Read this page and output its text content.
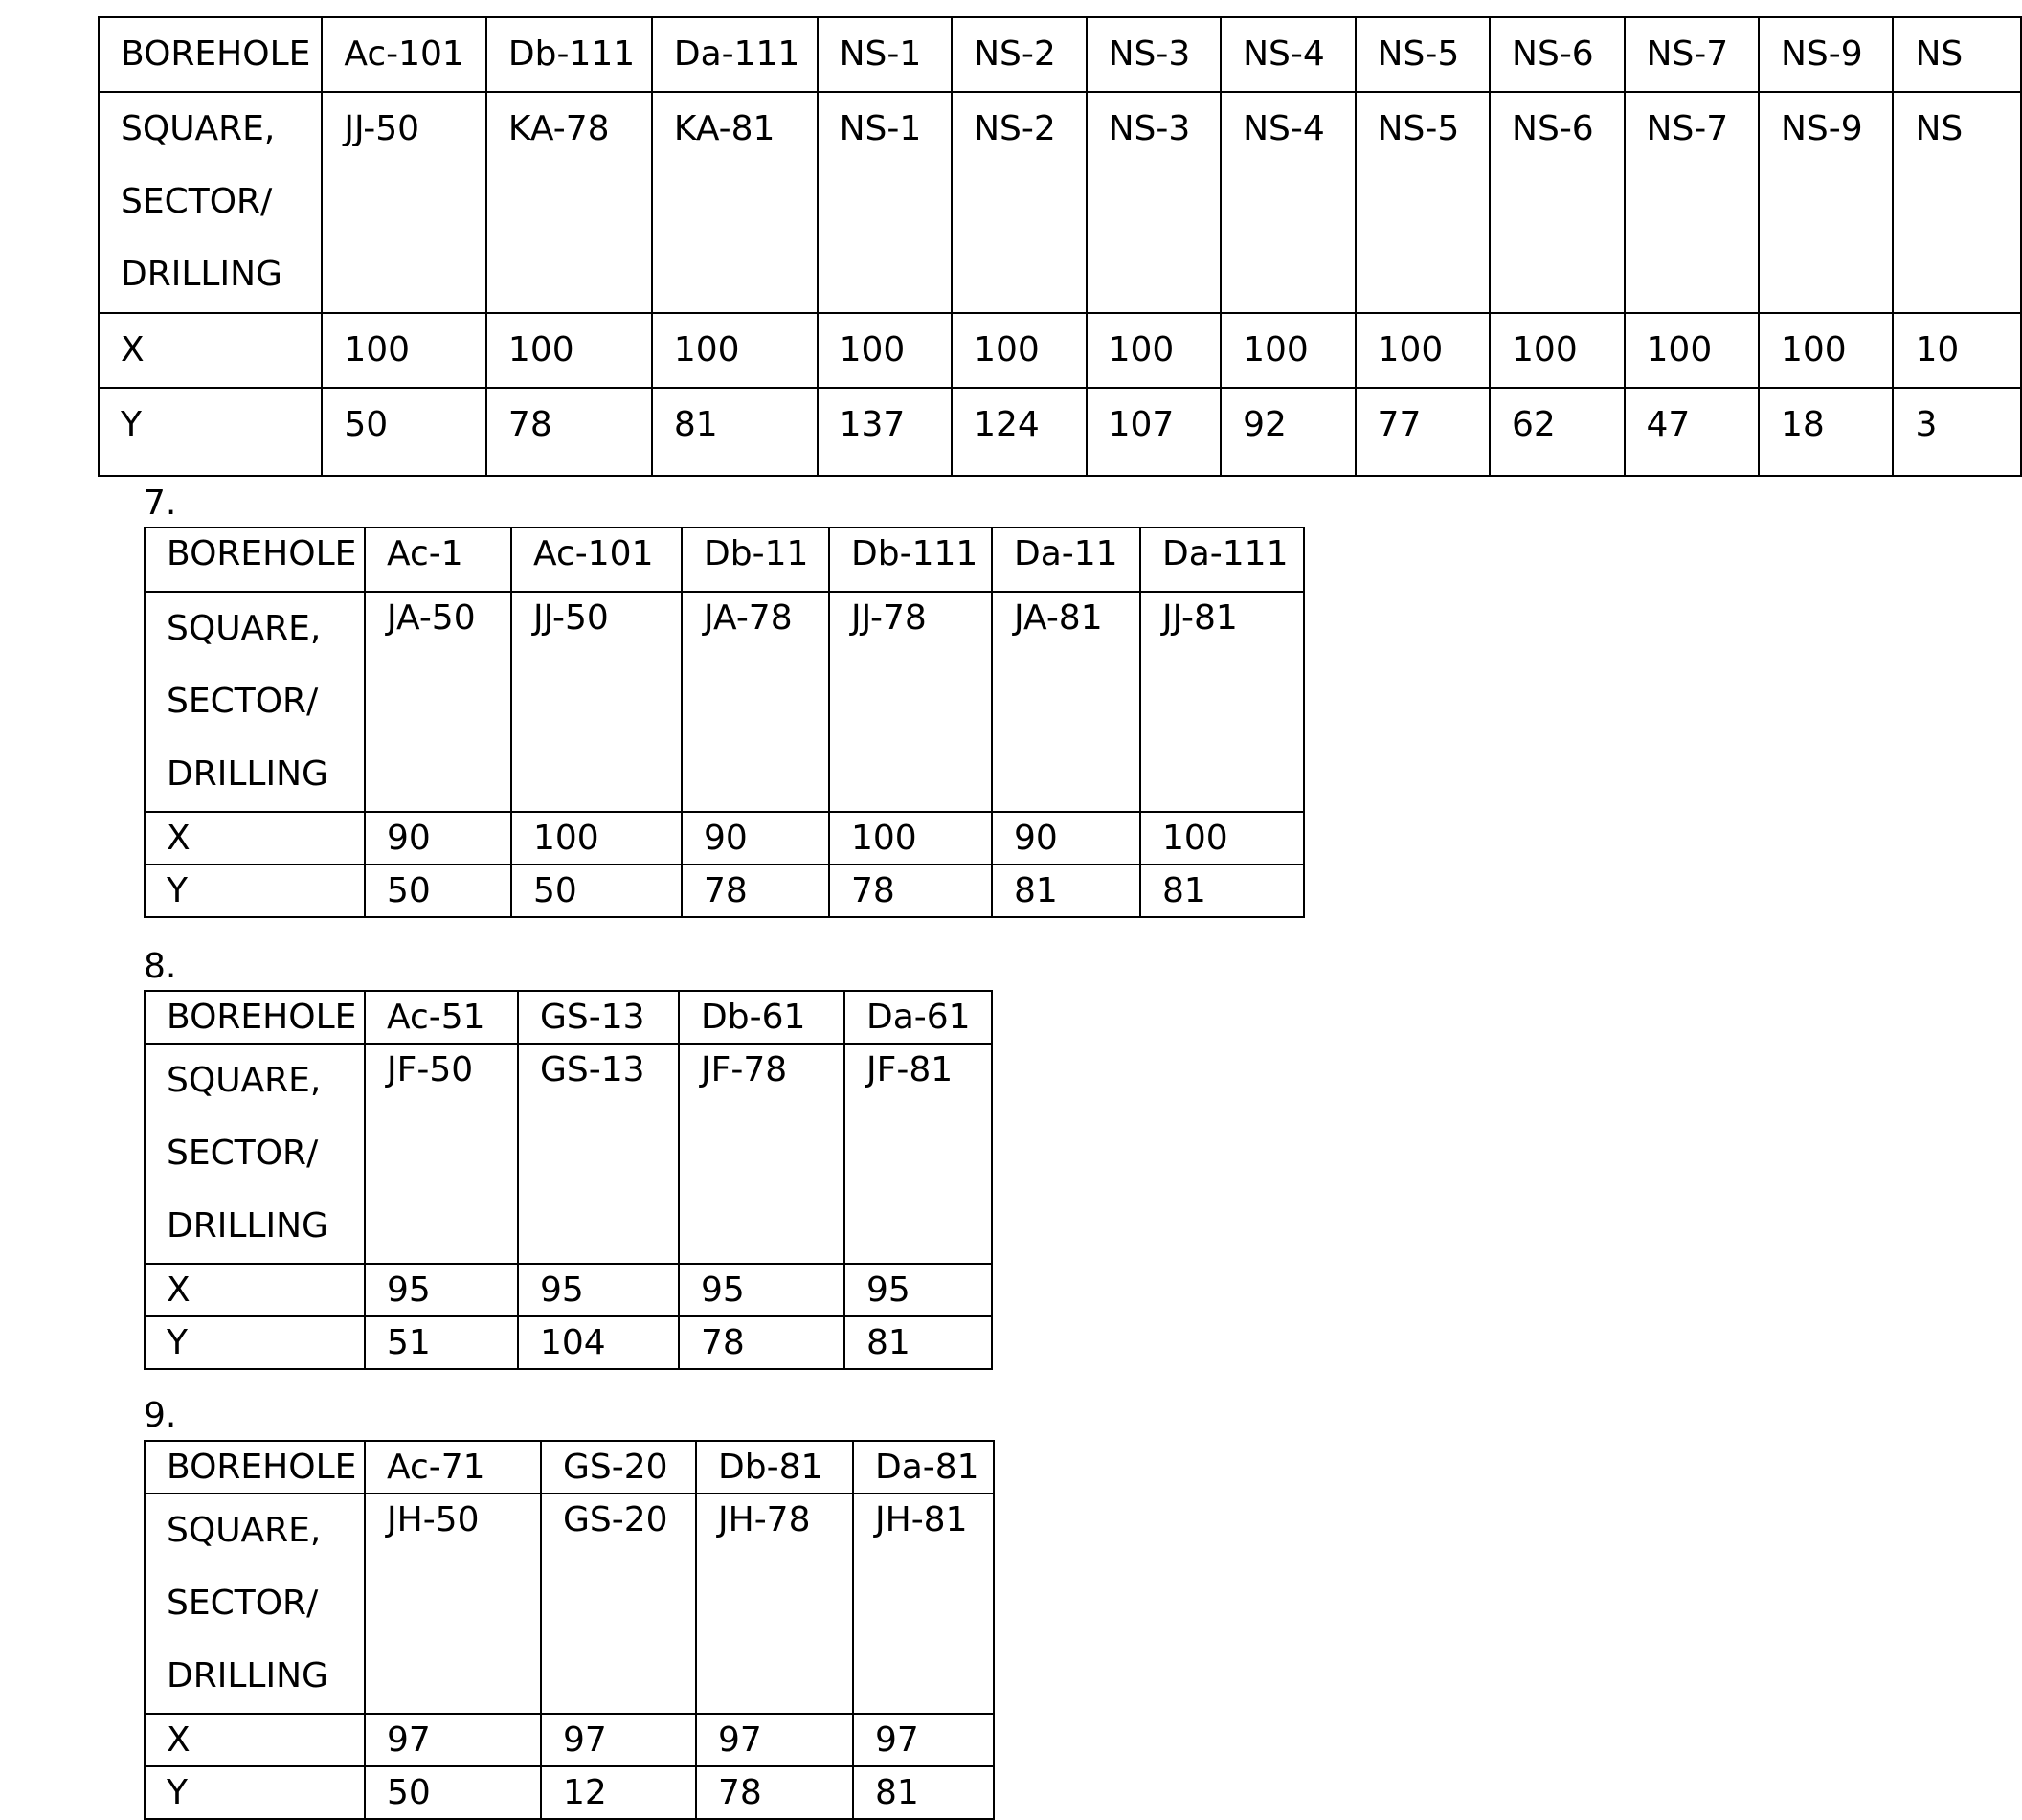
BOREHOLE	Ac-101	Db-111	Da-111	NS-1	NS-2	NS-3	NS-4	NS-5	NS-6	NS-7	NS-9	NS

SQUARE,
SECTOR/
DRILLING	JJ-50	KA-78	KA-81	NS-1	NS-2	NS-3	NS-4	NS-5	NS-6	NS-7	NS-9	NS
X	100	100	100	100	100	100	100	100	100	100	100	10
Y	50	78	81	137	124	107	92	77	62	47	18	3
7.
BOREHOLE	Ac-1	Ac-101	Db-11	Db-111	Da-11	Da-111

SQUARE,
SECTOR/
DRILLING	JA-50	JJ-50	JA-78	JJ-78	JA-81	JJ-81
X	90	100	90	100	90	100
Y	50	50	78	78	81	81
8.
BOREHOLE	Ac-51	GS-13	Db-61	Da-61

SQUARE,
SECTOR/
DRILLING	JF-50	GS-13	JF-78	JF-81
X	95	95	95	95
Y	51	104	78	81
9.
BOREHOLE	Ac-71	GS-20	Db-81	Da-81

SQUARE,
SECTOR/
DRILLING	JH-50	GS-20	JH-78	JH-81
X	97	97	97	97
Y	50	12	78	81
